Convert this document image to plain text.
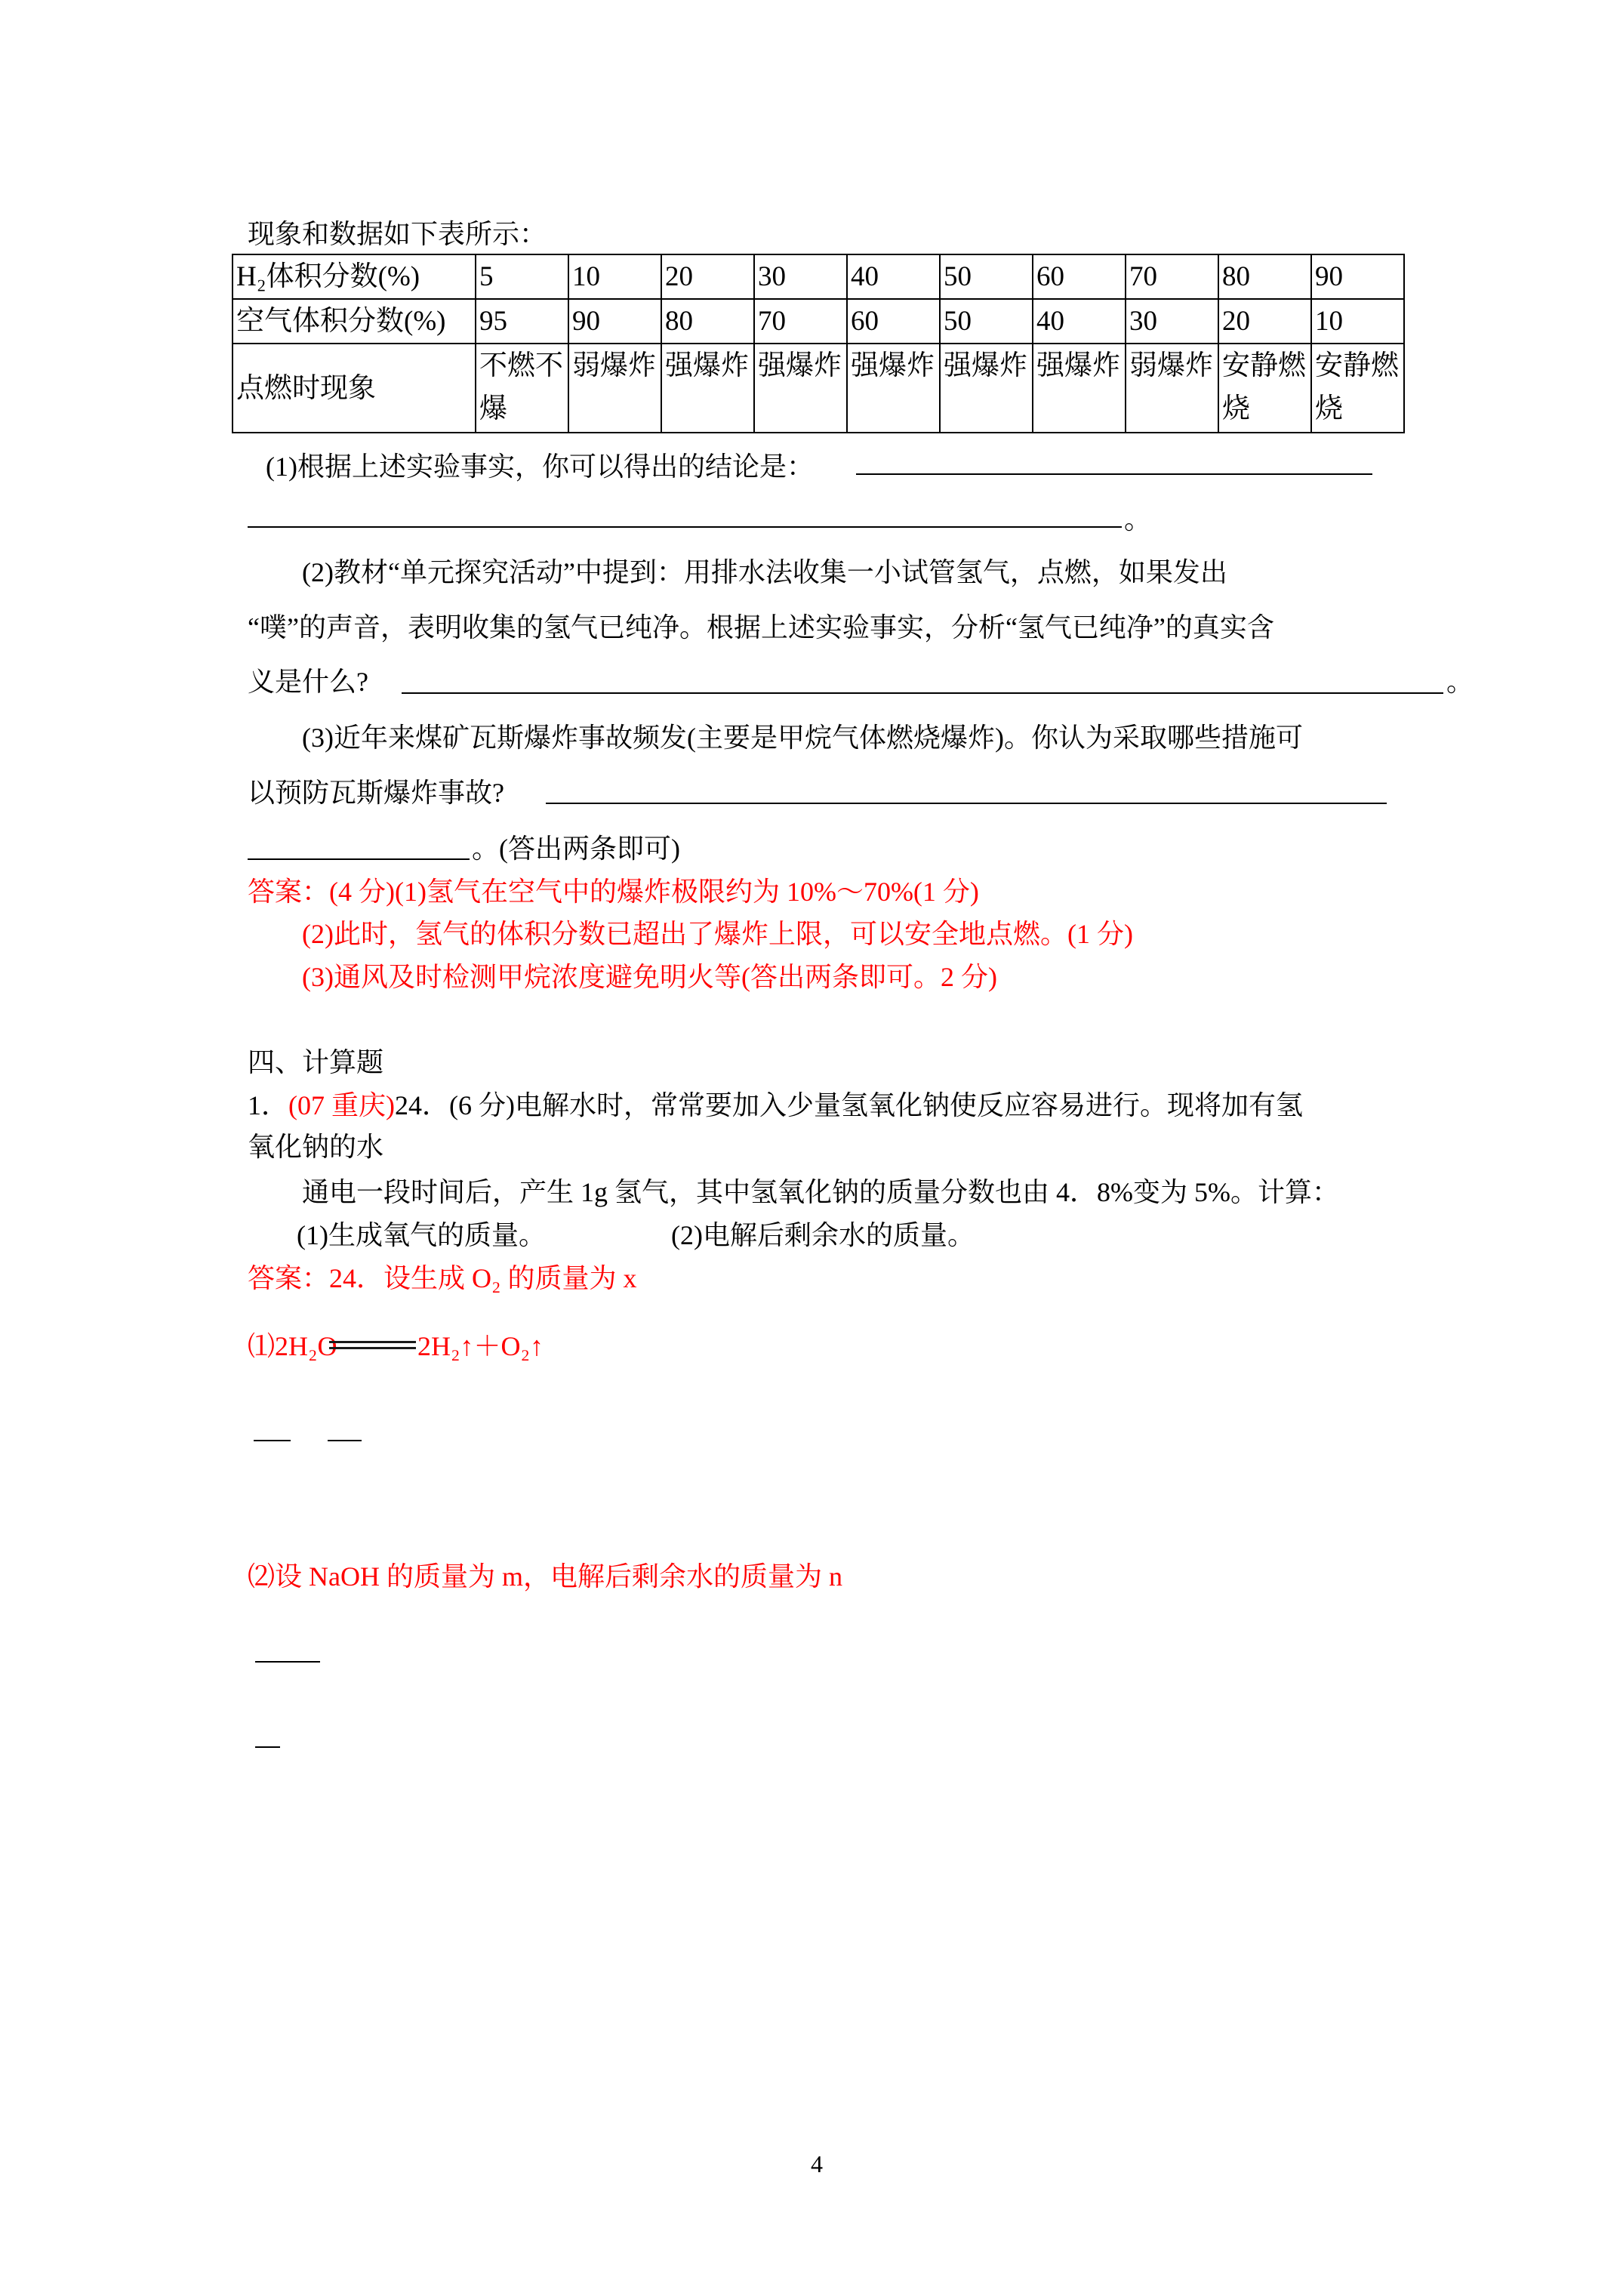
现象和数据如下表所示：
H₂体积分数(%)	5	10	20	30	40	50	60	70	80	90
空气体积分数(%)	95	90	80	70	60	50	40	30	20	10
点燃时现象	不燃不爆	弱爆炸	强爆炸	强爆炸	强爆炸	强爆炸	强爆炸	弱爆炸	安静燃烧	安静燃烧
(1)根据上述实验事实，你可以得出的结论是：
。
(2)教材“单元探究活动”中提到：用排水法收集一小试管氢气，点燃，如果发出
“噗”的声音，表明收集的氢气已纯净。根据上述实验事实，分析“氢气已纯净”的真实含
义是什么?	。
(3)近年来煤矿瓦斯爆炸事故频发(主要是甲烷气体燃烧爆炸)。你认为采取哪些措施可
以预防瓦斯爆炸事故?
。(答出两条即可)
答案：(4 分)(1)氢气在空气中的爆炸极限约为 10%～70%(1 分)
(2)此时，氢气的体积分数已超出了爆炸上限，可以安全地点燃。(1 分)
(3)通风及时检测甲烷浓度避免明火等(答出两条即可。2 分)
四、计算题
1．(07 重庆)24．(6 分)电解水时，常常要加入少量氢氧化钠使反应容易进行。现将加有氢
氧化钠的水
通电一段时间后，产生 1g 氢气，其中氢氧化钠的质量分数也由 4．8%变为 5%。计算：
(1)生成氧气的质量。	(2)电解后剩余水的质量。
答案：24．设生成 O₂ 的质量为 x
⑴2H₂O	2H₂↑＋O₂↑
⑵设 NaOH 的质量为 m，电解后剩余水的质量为 n
4
